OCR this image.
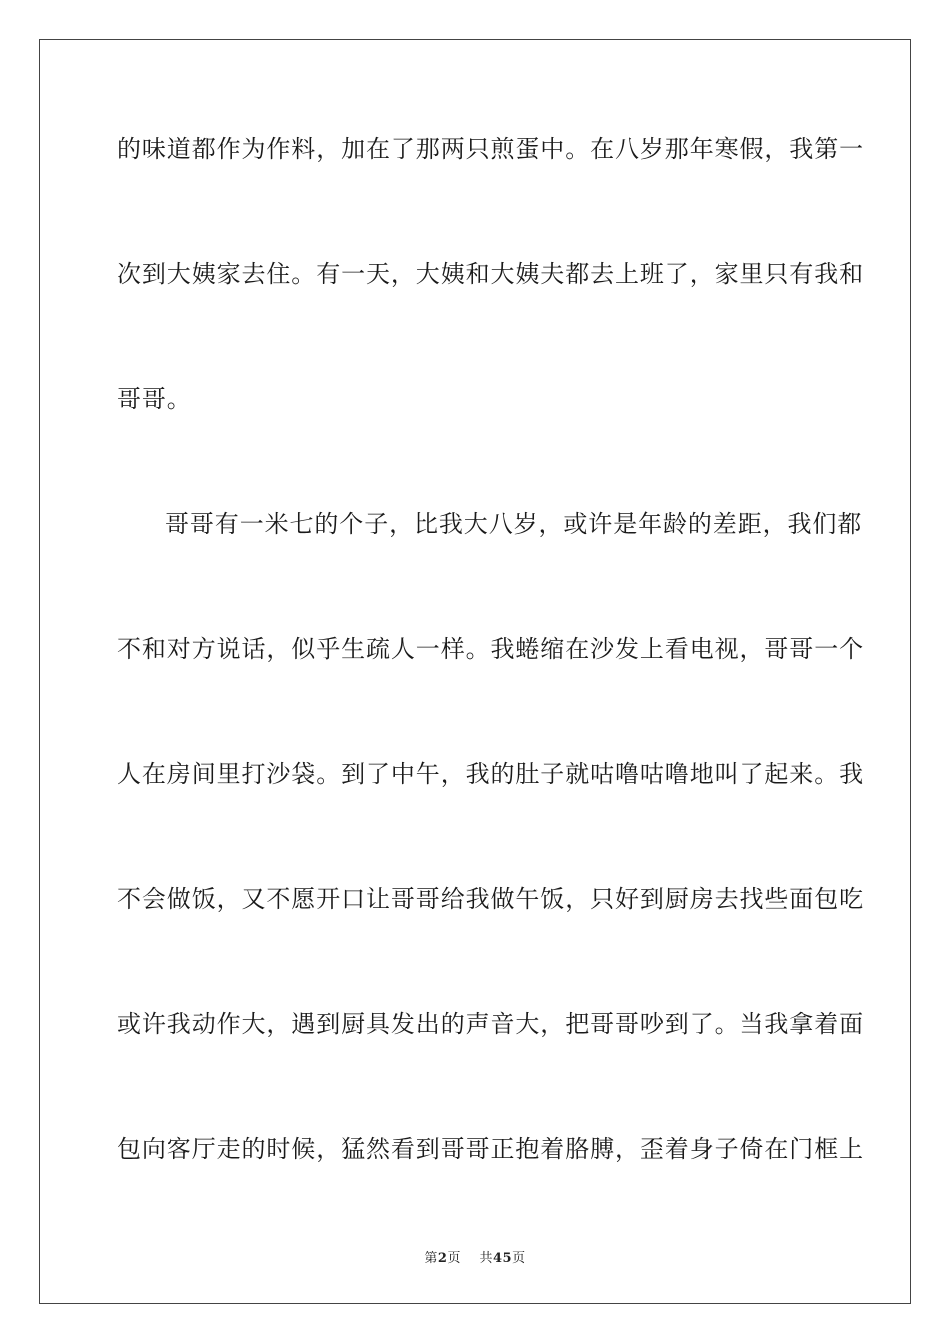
的味道都作为作料，加在了那两只煎蛋中。在八岁那年寒假，我第一
次到大姨家去住。有一天，大姨和大姨夫都去上班了，家里只有我和
哥哥。
哥哥有一米七的个子，比我大八岁，或许是年龄的差距，我们都
不和对方说话，似乎生疏人一样。我蜷缩在沙发上看电视，哥哥一个
人在房间里打沙袋。到了中午，我的肚子就咕噜咕噜地叫了起来。我
不会做饭，又不愿开口让哥哥给我做午饭，只好到厨房去找些面包吃
或许我动作大，遇到厨具发出的声音大，把哥哥吵到了。当我拿着面
包向客厅走的时候，猛然看到哥哥正抱着胳膊，歪着身子倚在门框上
第2页 共45页
